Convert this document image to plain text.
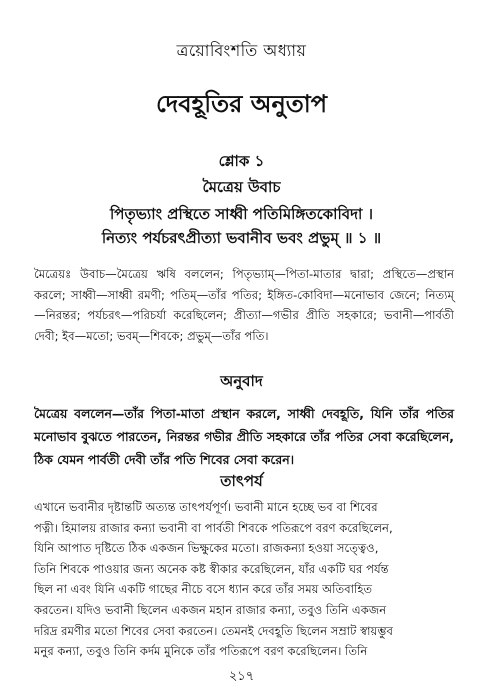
ত্রয়োবিংশতি অধ্যায়
দেবহূতির অনুতাপ
শ্লোক ১
মৈত্রেয় উবাচ
পিতৃভ্যাং প্রস্থিতে সাধ্বী পতিমিঙ্গিতকোবিদা ।
নিত্যং পর্যচরৎপ্রীত্যা ভবানীব ভবং প্রভুম্ ॥ ১ ॥
মৈত্রেয়ঃ উবাচ—মৈত্রেয় ঋষি বললেন; পিতৃভ্যাম্—পিতা-মাতার দ্বারা; প্রস্থিতে—প্রস্থান করলে; সাধ্বী—সাধ্বী রমণী; পতিম্—তাঁর পতির; ইঙ্গিত-কোবিদা—মনোভাব জেনে; নিত্যম্—নিরন্তর; পর্যচরৎ—পরিচর্যা করেছিলেন; প্রীত্যা—গভীর প্রীতি সহকারে; ভবানী—পার্বতী দেবী; ইব—মতো; ভবম্—শিবকে; প্রভুম্—তাঁর পতি।
অনুবাদ
মৈত্রেয় বললেন—তাঁর পিতা-মাতা প্রস্থান করলে, সাধ্বী দেবহূতি, যিনি তাঁর পতির মনোভাব বুঝতে পারতেন, নিরন্তর গভীর প্রীতি সহকারে তাঁর পতির সেবা করেছিলেন, ঠিক যেমন পার্বতী দেবী তাঁর পতি শিবের সেবা করেন।
তাৎপর্য
এখানে ভবানীর দৃষ্টান্তটি অত্যন্ত তাৎপর্যপূর্ণ। ভবানী মানে হচ্ছে ভব বা শিবের
পত্নী। হিমালয় রাজার কন্যা ভবানী বা পার্বতী শিবকে পতিরূপে বরণ করেছিলেন,
যিনি আপাত দৃষ্টিতে ঠিক একজন ভিক্ষুকের মতো। রাজকন্যা হওয়া সত্ত্বেও,
তিনি শিবকে পাওয়ার জন্য অনেক কষ্ট স্বীকার করেছিলেন, যাঁর একটি ঘর পর্যন্ত
ছিল না এবং যিনি একটি গাছের নীচে বসে ধ্যান করে তাঁর সময় অতিবাহিত
করতেন। যদিও ভবানী ছিলেন একজন মহান রাজার কন্যা, তবুও তিনি একজন
দরিদ্র রমণীর মতো শিবের সেবা করতেন। তেমনই দেবহূতি ছিলেন সম্রাট স্বায়ম্ভুব
মনুর কন্যা, তবুও তিনি কর্দম মুনিকে তাঁর পতিরূপে বরণ করেছিলেন। তিনি
২১৭
